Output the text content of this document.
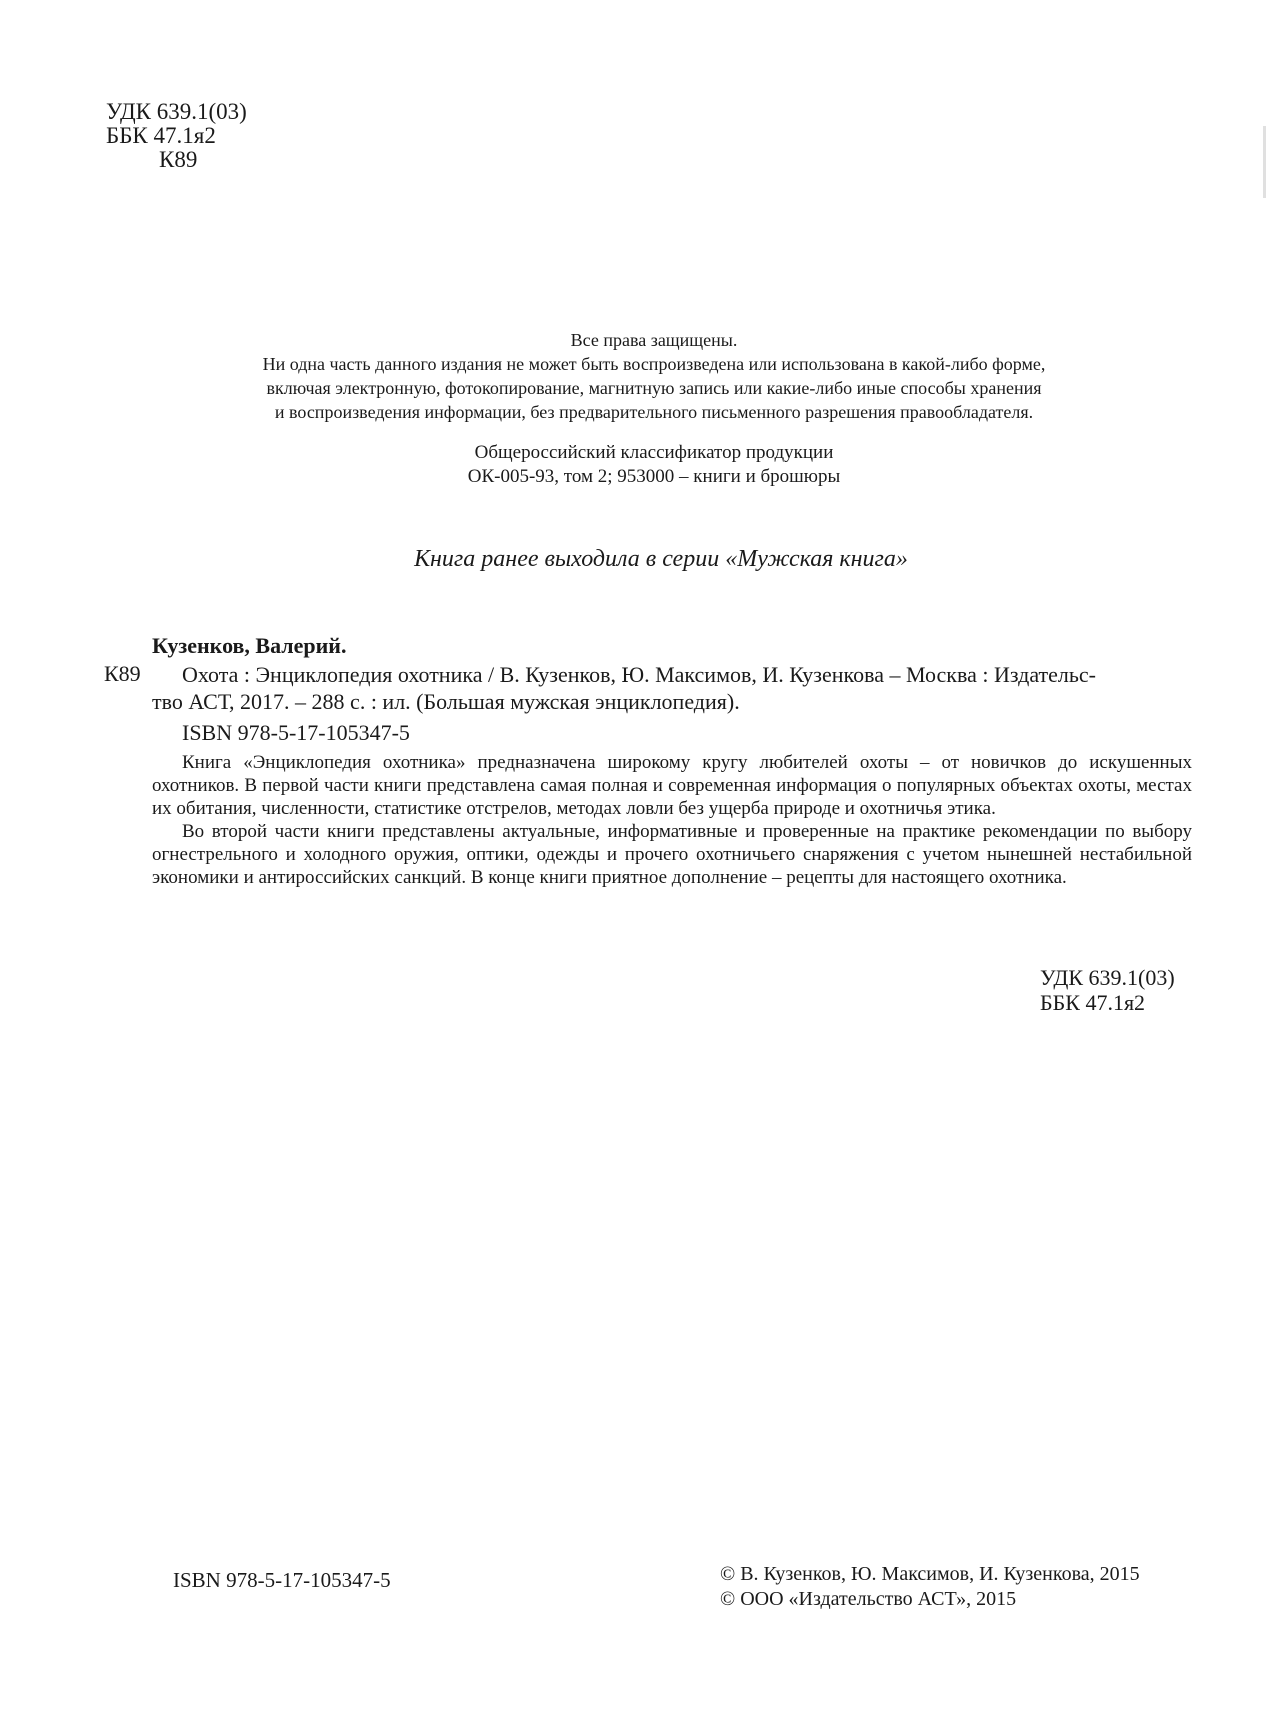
УДК 639.1(03)
ББК 47.1я2
К89
Все права защищены.
Ни одна часть данного издания не может быть воспроизведена или использована в какой-либо форме,
включая электронную, фотокопирование, магнитную запись или какие-либо иные способы хранения
и воспроизведения информации, без предварительного письменного разрешения правообладателя.
Общероссийский классификатор продукции
ОК-005-93, том 2; 953000 – книги и брошюры
Книга ранее выходила в серии «Мужская книга»
Кузенков, Валерий.
К89 Охота : Энциклопедия охотника / В. Кузенков, Ю. Максимов, И. Кузенкова – Москва : Издательс-
тво АСТ, 2017. – 288 с. : ил. (Большая мужская энциклопедия).
ISBN 978-5-17-105347-5

Книга «Энциклопедия охотника» предназначена широкому кругу любителей охоты – от новичков до искушенных охотников. В первой части книги представлена самая полная и современная информация о популярных объектах охоты, местах их обитания, численности, статистике отстрелов, методах ловли без ущерба природе и охотничья этика.

Во второй части книги представлены актуальные, информативные и проверенные на практике рекомендации по выбору огнестрельного и холодного оружия, оптики, одежды и прочего охотничьего снаряжения с учетом нынешней нестабильной экономики и антироссийских санкций. В конце книги приятное дополнение – рецепты для настоящего охотника.

УДК 639.1(03)
ББК 47.1я2
ISBN 978-5-17-105347-5	© В. Кузенков, Ю. Максимов, И. Кузенкова, 2015
© ООО «Издательство АСТ», 2015
